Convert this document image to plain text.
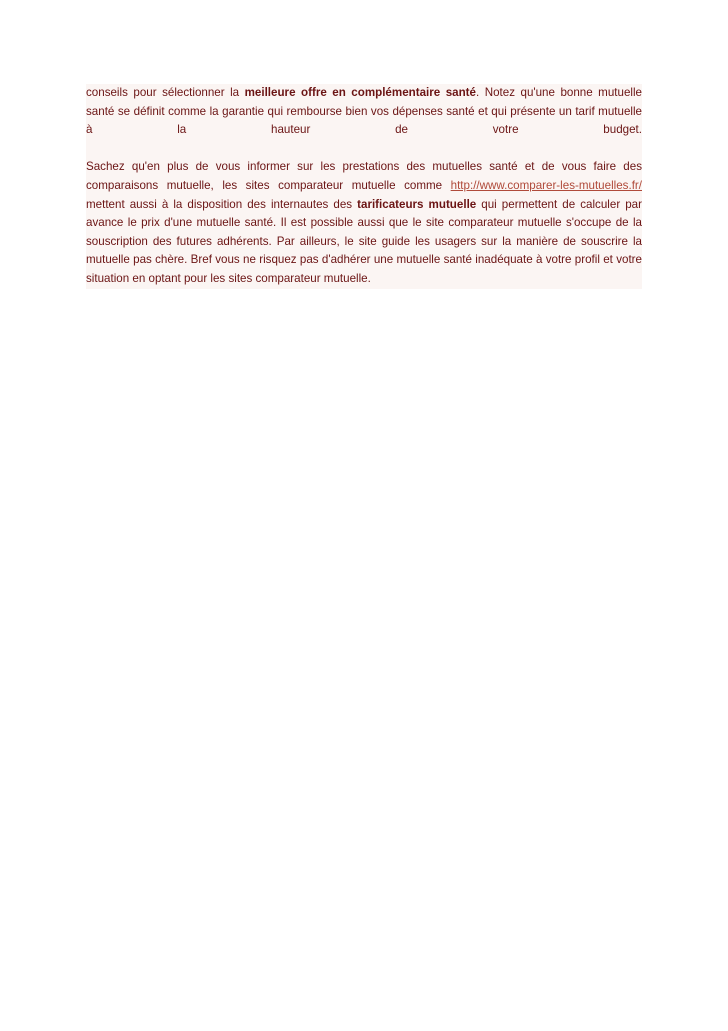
conseils pour sélectionner la meilleure offre en complémentaire santé. Notez qu'une bonne mutuelle santé se définit comme la garantie qui rembourse bien vos dépenses santé et qui présente un tarif mutuelle à la hauteur de votre budget.

Sachez qu'en plus de vous informer sur les prestations des mutuelles santé et de vous faire des comparaisons mutuelle, les sites comparateur mutuelle comme http://www.comparer-les-mutuelles.fr/ mettent aussi à la disposition des internautes des tarificateurs mutuelle qui permettent de calculer par avance le prix d'une mutuelle santé. Il est possible aussi que le site comparateur mutuelle s'occupe de la souscription des futures adhérents. Par ailleurs, le site guide les usagers sur la manière de souscrire la mutuelle pas chère. Bref vous ne risquez pas d'adhérer une mutuelle santé inadéquate à votre profil et votre situation en optant pour les sites comparateur mutuelle.
